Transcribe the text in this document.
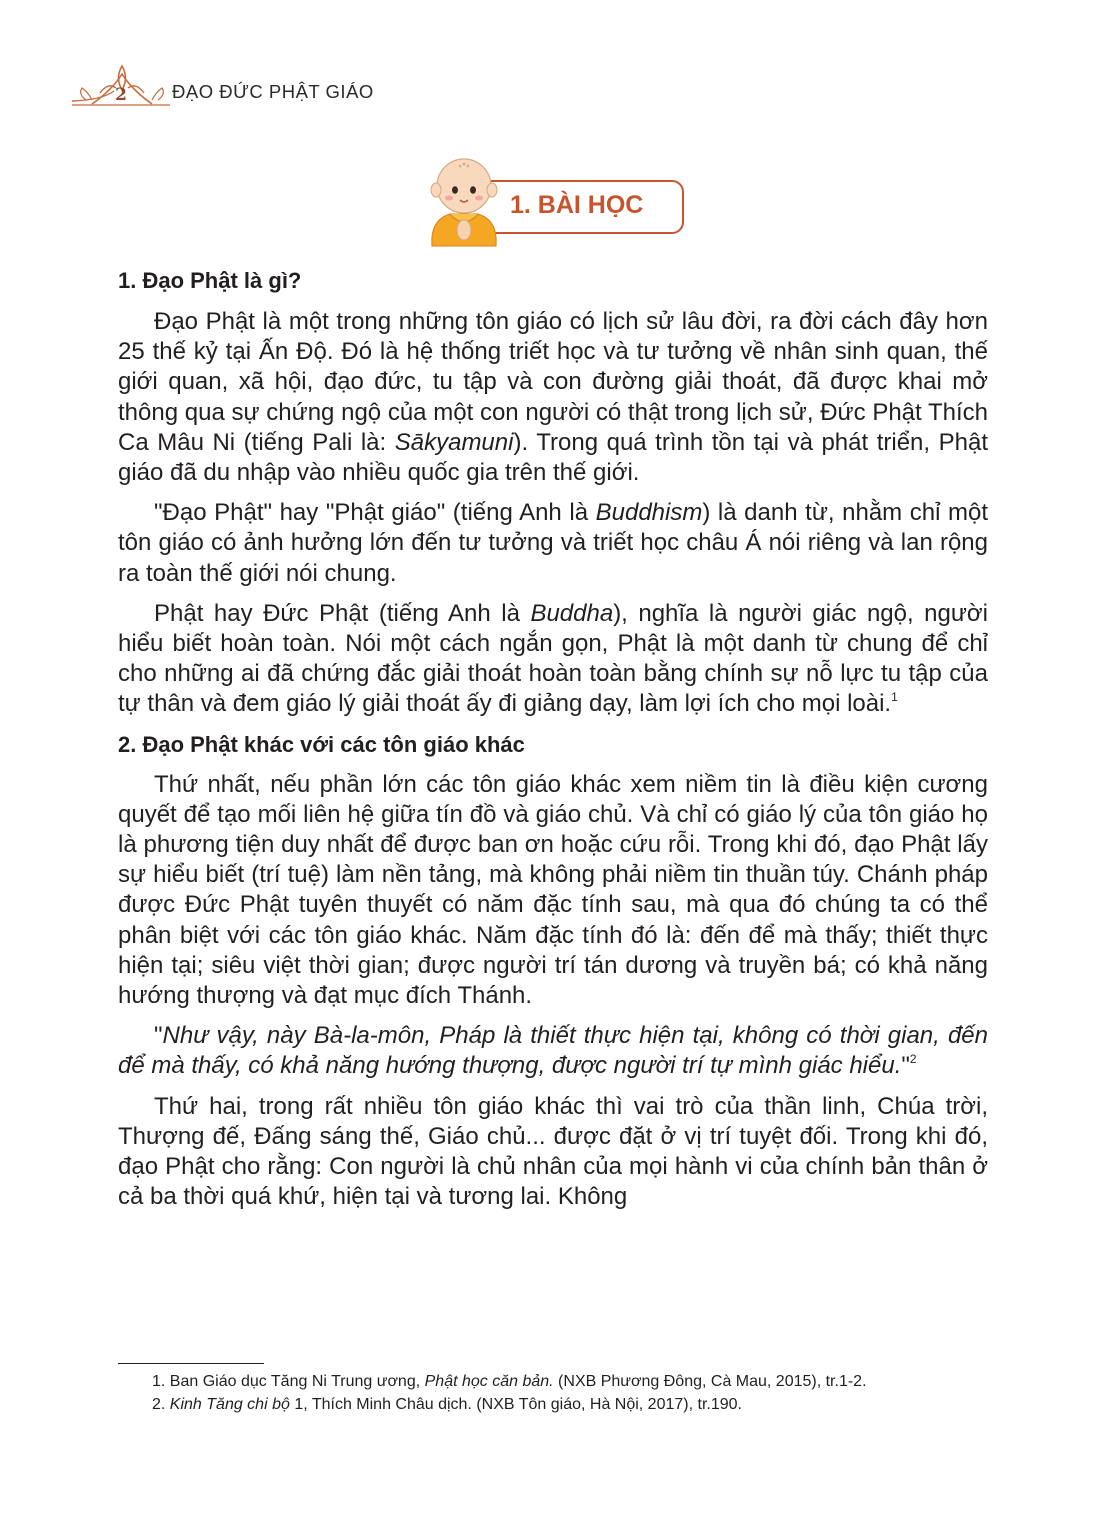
2 ĐẠO ĐỨC PHẬT GIÁO
1. BÀI HỌC
1. Đạo Phật là gì?

Đạo Phật là một trong những tôn giáo có lịch sử lâu đời, ra đời cách đây hơn 25 thế kỷ tại Ấn Độ. Đó là hệ thống triết học và tư tưởng về nhân sinh quan, thế giới quan, xã hội, đạo đức, tu tập và con đường giải thoát, đã được khai mở thông qua sự chứng ngộ của một con người có thật trong lịch sử, Đức Phật Thích Ca Mâu Ni (tiếng Pali là: Sākyamuni). Trong quá trình tồn tại và phát triển, Phật giáo đã du nhập vào nhiều quốc gia trên thế giới.

"Đạo Phật" hay "Phật giáo" (tiếng Anh là Buddhism) là danh từ, nhằm chỉ một tôn giáo có ảnh hưởng lớn đến tư tưởng và triết học châu Á nói riêng và lan rộng ra toàn thế giới nói chung.

Phật hay Đức Phật (tiếng Anh là Buddha), nghĩa là người giác ngộ, người hiểu biết hoàn toàn. Nói một cách ngắn gọn, Phật là một danh từ chung để chỉ cho những ai đã chứng đắc giải thoát hoàn toàn bằng chính sự nỗ lực tu tập của tự thân và đem giáo lý giải thoát ấy đi giảng dạy, làm lợi ích cho mọi loài.$^1$

2. Đạo Phật khác với các tôn giáo khác

Thứ nhất, nếu phần lớn các tôn giáo khác xem niềm tin là điều kiện cương quyết để tạo mối liên hệ giữa tín đồ và giáo chủ. Và chỉ có giáo lý của tôn giáo họ là phương tiện duy nhất để được ban ơn hoặc cứu rỗi. Trong khi đó, đạo Phật lấy sự hiểu biết (trí tuệ) làm nền tảng, mà không phải niềm tin thuần túy. Chánh pháp được Đức Phật tuyên thuyết có năm đặc tính sau, mà qua đó chúng ta có thể phân biệt với các tôn giáo khác. Năm đặc tính đó là: đến để mà thấy; thiết thực hiện tại; siêu việt thời gian; được người trí tán dương và truyền bá; có khả năng hướng thượng và đạt mục đích Thánh.

"Như vậy, này Bà-la-môn, Pháp là thiết thực hiện tại, không có thời gian, đến để mà thấy, có khả năng hướng thượng, được người trí tự mình giác hiểu."$^2$

Thứ hai, trong rất nhiều tôn giáo khác thì vai trò của thần linh, Chúa trời, Thượng đế, Đấng sáng thế, Giáo chủ... được đặt ở vị trí tuyệt đối. Trong khi đó, đạo Phật cho rằng: Con người là chủ nhân của mọi hành vi của chính bản thân ở cả ba thời quá khứ, hiện tại và tương lai. Không

1. Ban Giáo dục Tăng Ni Trung ương, Phật học căn bản. (NXB Phương Đông, Cà Mau, 2015), tr.1-2.

2. Kinh Tăng chi bộ 1, Thích Minh Châu dịch. (NXB Tôn giáo, Hà Nội, 2017), tr.190.
